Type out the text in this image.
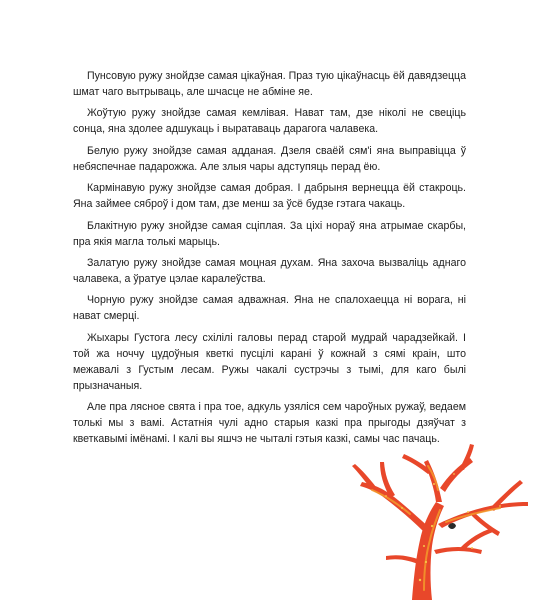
Пунсовую ружу знойдзе самая цікаўная. Праз тую цікаўнасць ёй давядзецца шмат чаго вытрываць, але шчасце не абміне яе.

Жоўтую ружу знойдзе самая кемлівая. Нават там, дзе ніколі не свеціць сонца, яна здолее адшукаць і выратаваць дарагога чалавека.

Белую ружу знойдзе самая адданая. Дзеля сваёй сям'і яна выправіцца ў небяспечнае падарожжа. Але злыя чары адступяць перад ёю.

Кармінавую ружу знойдзе самая добрая. І дабрыня вернецца ёй стакроць. Яна займее сяброў і дом там, дзе менш за ўсё будзе гэтага чакаць.

Блакітную ружу знойдзе самая сціплая. За ціхі нораў яна атрымае скарбы, пра якія магла толькі марыць.

Залатую ружу знойдзе самая моцная духам. Яна захоча вызваліць аднаго чалавека, а ўратуе цэлае каралеўства.

Чорную ружу знойдзе самая адважная. Яна не спалохаецца ні ворага, ні нават смерці.

Жыхары Густога лесу схілілі галовы перад старой мудрай чарадзейкай. І той жа ноччу цудоўныя кветкі пусцілі карані ў кожнай з сямі краін, што межавалі з Густым лесам. Ружы чакалі сустрэчы з тымі, для каго былі прызначаныя.

Але пра лясное свята і пра тое, адкуль узяліся сем чароўных ружаў, ведаем толькі мы з вамі. Астатнія чулі адно старыя казкі пра прыгоды дзяўчат з кветкавымі імёнамі. І калі вы яшчэ не чыталі гэтыя казкі, самы час пачаць.
